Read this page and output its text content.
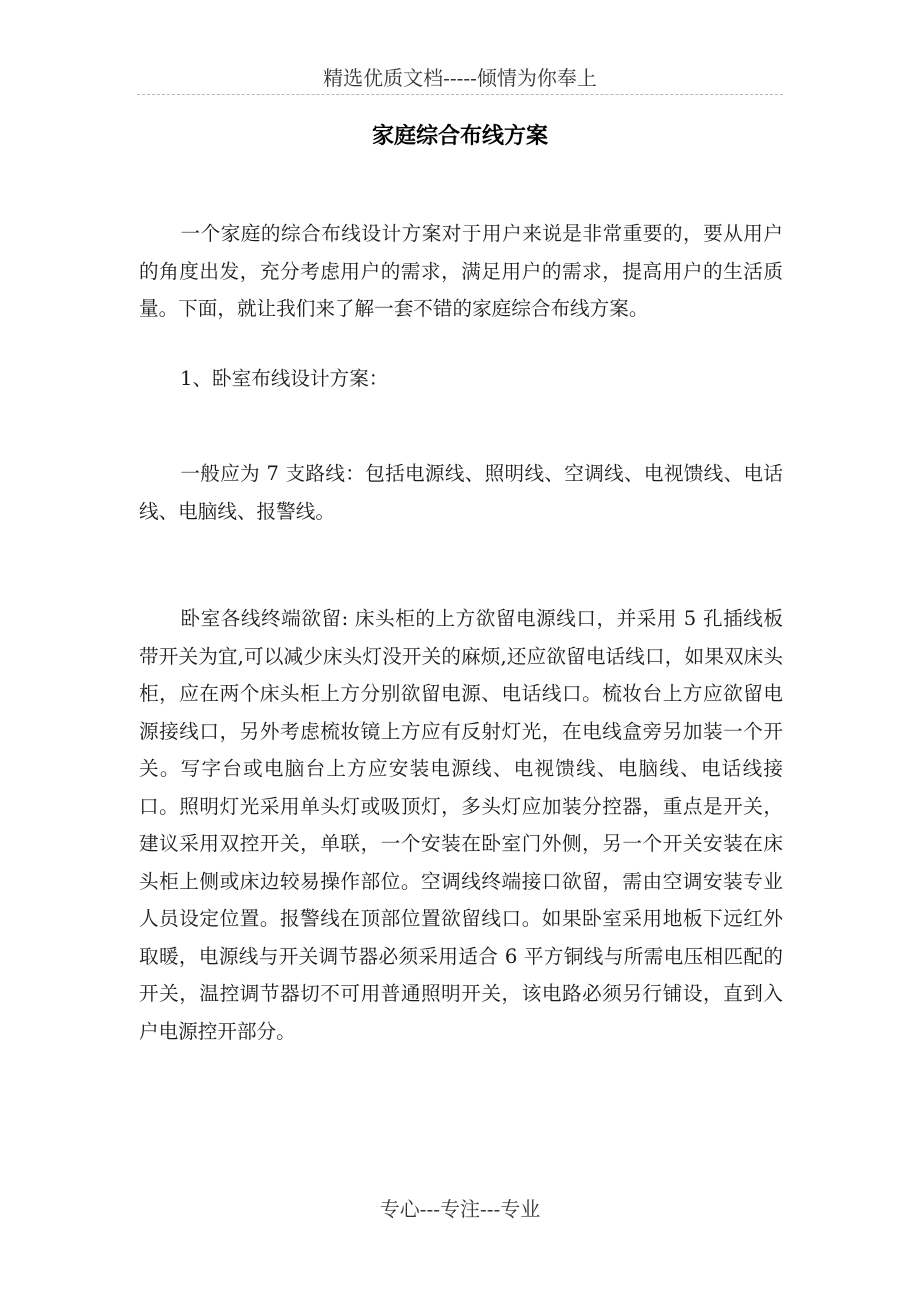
精选优质文档-----倾情为你奉上
家庭综合布线方案
一个家庭的综合布线设计方案对于用户来说是非常重要的，要从用户的角度出发，充分考虑用户的需求，满足用户的需求，提高用户的生活质量。下面，就让我们来了解一套不错的家庭综合布线方案。
1、卧室布线设计方案：
一般应为 7 支路线：包括电源线、照明线、空调线、电视馈线、电话线、电脑线、报警线。
卧室各线终端欲留: 床头柜的上方欲留电源线口，并采用 5 孔插线板带开关为宜,可以减少床头灯没开关的麻烦,还应欲留电话线口，如果双床头柜，应在两个床头柜上方分别欲留电源、电话线口。梳妆台上方应欲留电源接线口，另外考虑梳妆镜上方应有反射灯光，在电线盒旁另加装一个开关。写字台或电脑台上方应安装电源线、电视馈线、电脑线、电话线接口。照明灯光采用单头灯或吸顶灯，多头灯应加装分控器，重点是开关，建议采用双控开关，单联，一个安装在卧室门外侧，另一个开关安装在床头柜上侧或床边较易操作部位。空调线终端接口欲留，需由空调安装专业人员设定位置。报警线在顶部位置欲留线口。如果卧室采用地板下远红外取暖，电源线与开关调节器必须采用适合 6 平方铜线与所需电压相匹配的开关，温控调节器切不可用普通照明开关，该电路必须另行铺设，直到入户电源控开部分。
专心---专注---专业
